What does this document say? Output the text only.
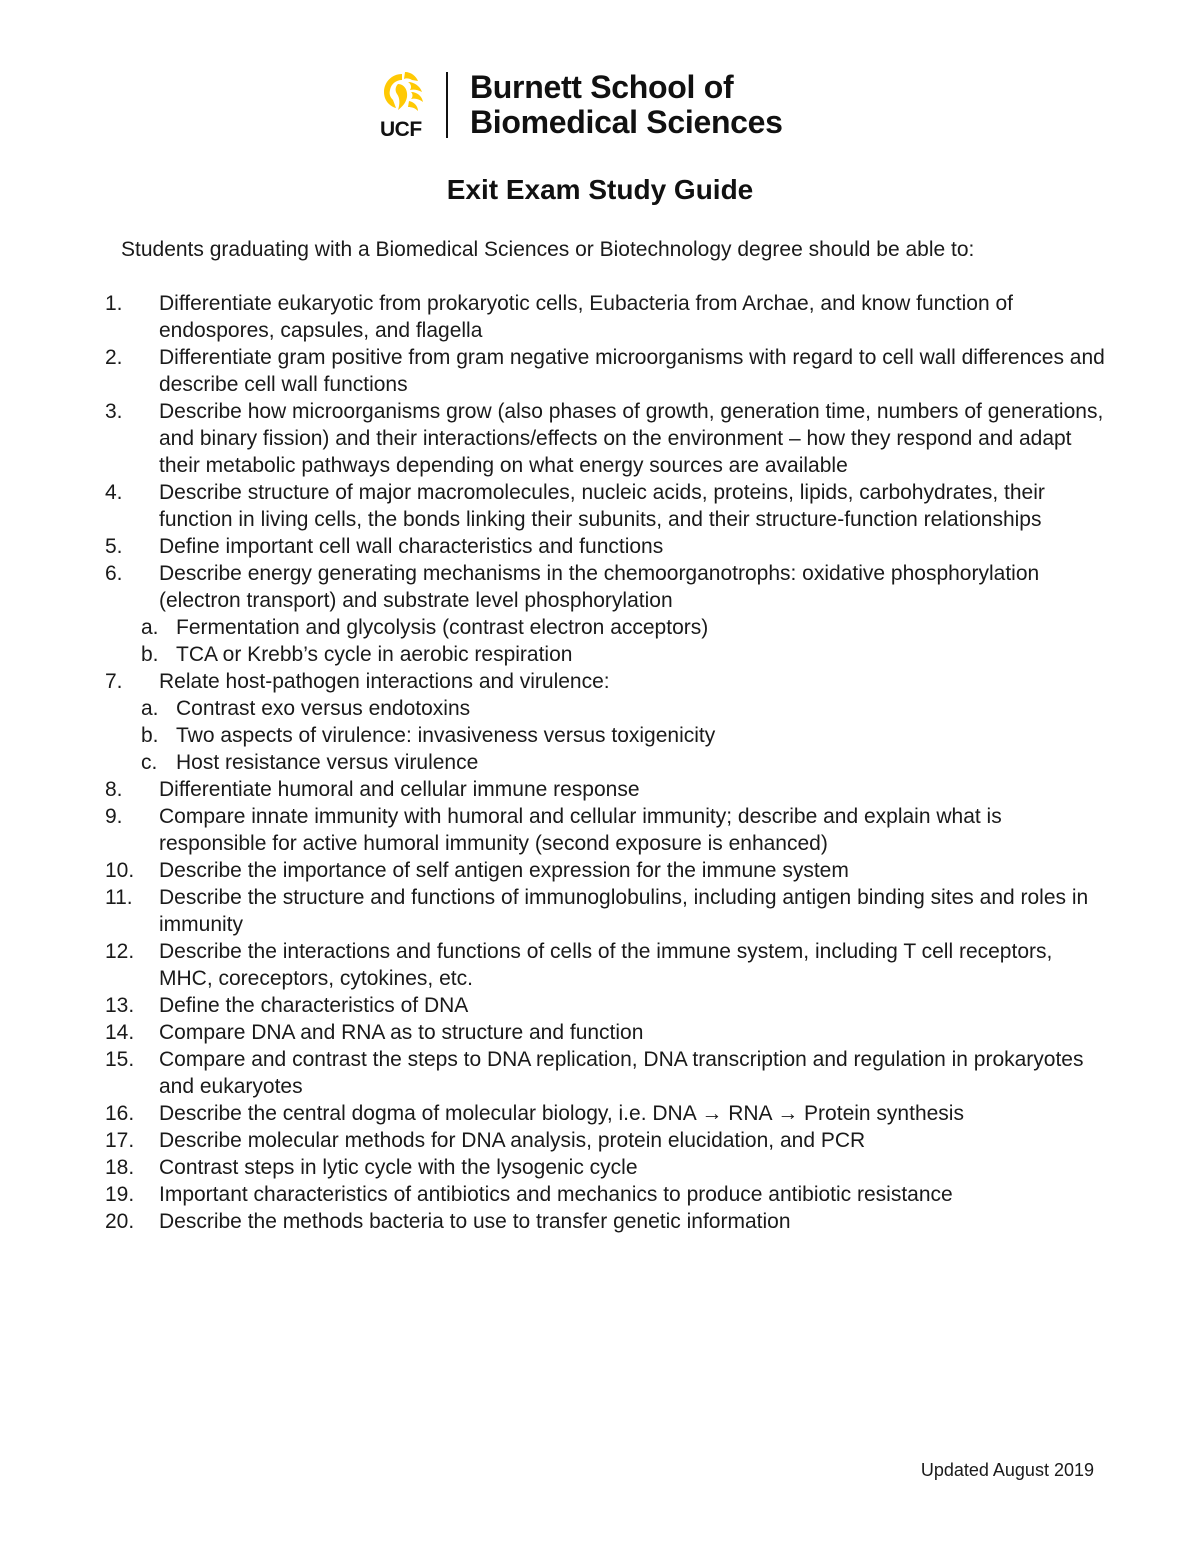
UCF
Burnett School of
Biomedical Sciences
Exit Exam Study Guide
Students graduating with a Biomedical Sciences or Biotechnology degree should be able to:
1. Differentiate eukaryotic from prokaryotic cells, Eubacteria from Archae, and know function of endospores, capsules, and flagella
2. Differentiate gram positive from gram negative microorganisms with regard to cell wall differences and describe cell wall functions
3. Describe how microorganisms grow (also phases of growth, generation time, numbers of generations, and binary fission) and their interactions/effects on the environment – how they respond and adapt their metabolic pathways depending on what energy sources are available
4. Describe structure of major macromolecules, nucleic acids, proteins, lipids, carbohydrates, their function in living cells, the bonds linking their subunits, and their structure-function relationships
5. Define important cell wall characteristics and functions
6. Describe energy generating mechanisms in the chemoorganotrophs: oxidative phosphorylation (electron transport) and substrate level phosphorylation
a. Fermentation and glycolysis (contrast electron acceptors)
b. TCA or Krebb’s cycle in aerobic respiration
7. Relate host-pathogen interactions and virulence:
a. Contrast exo versus endotoxins
b. Two aspects of virulence: invasiveness versus toxigenicity
c. Host resistance versus virulence
8. Differentiate humoral and cellular immune response
9. Compare innate immunity with humoral and cellular immunity; describe and explain what is responsible for active humoral immunity (second exposure is enhanced)
10. Describe the importance of self antigen expression for the immune system
11. Describe the structure and functions of immunoglobulins, including antigen binding sites and roles in immunity
12. Describe the interactions and functions of cells of the immune system, including T cell receptors, MHC, coreceptors, cytokines, etc.
13. Define the characteristics of DNA
14. Compare DNA and RNA as to structure and function
15. Compare and contrast the steps to DNA replication, DNA transcription and regulation in prokaryotes and eukaryotes
16. Describe the central dogma of molecular biology, i.e. DNA → RNA → Protein synthesis
17. Describe molecular methods for DNA analysis, protein elucidation, and PCR
18. Contrast steps in lytic cycle with the lysogenic cycle
19. Important characteristics of antibiotics and mechanics to produce antibiotic resistance
20. Describe the methods bacteria to use to transfer genetic information
Updated August 2019
